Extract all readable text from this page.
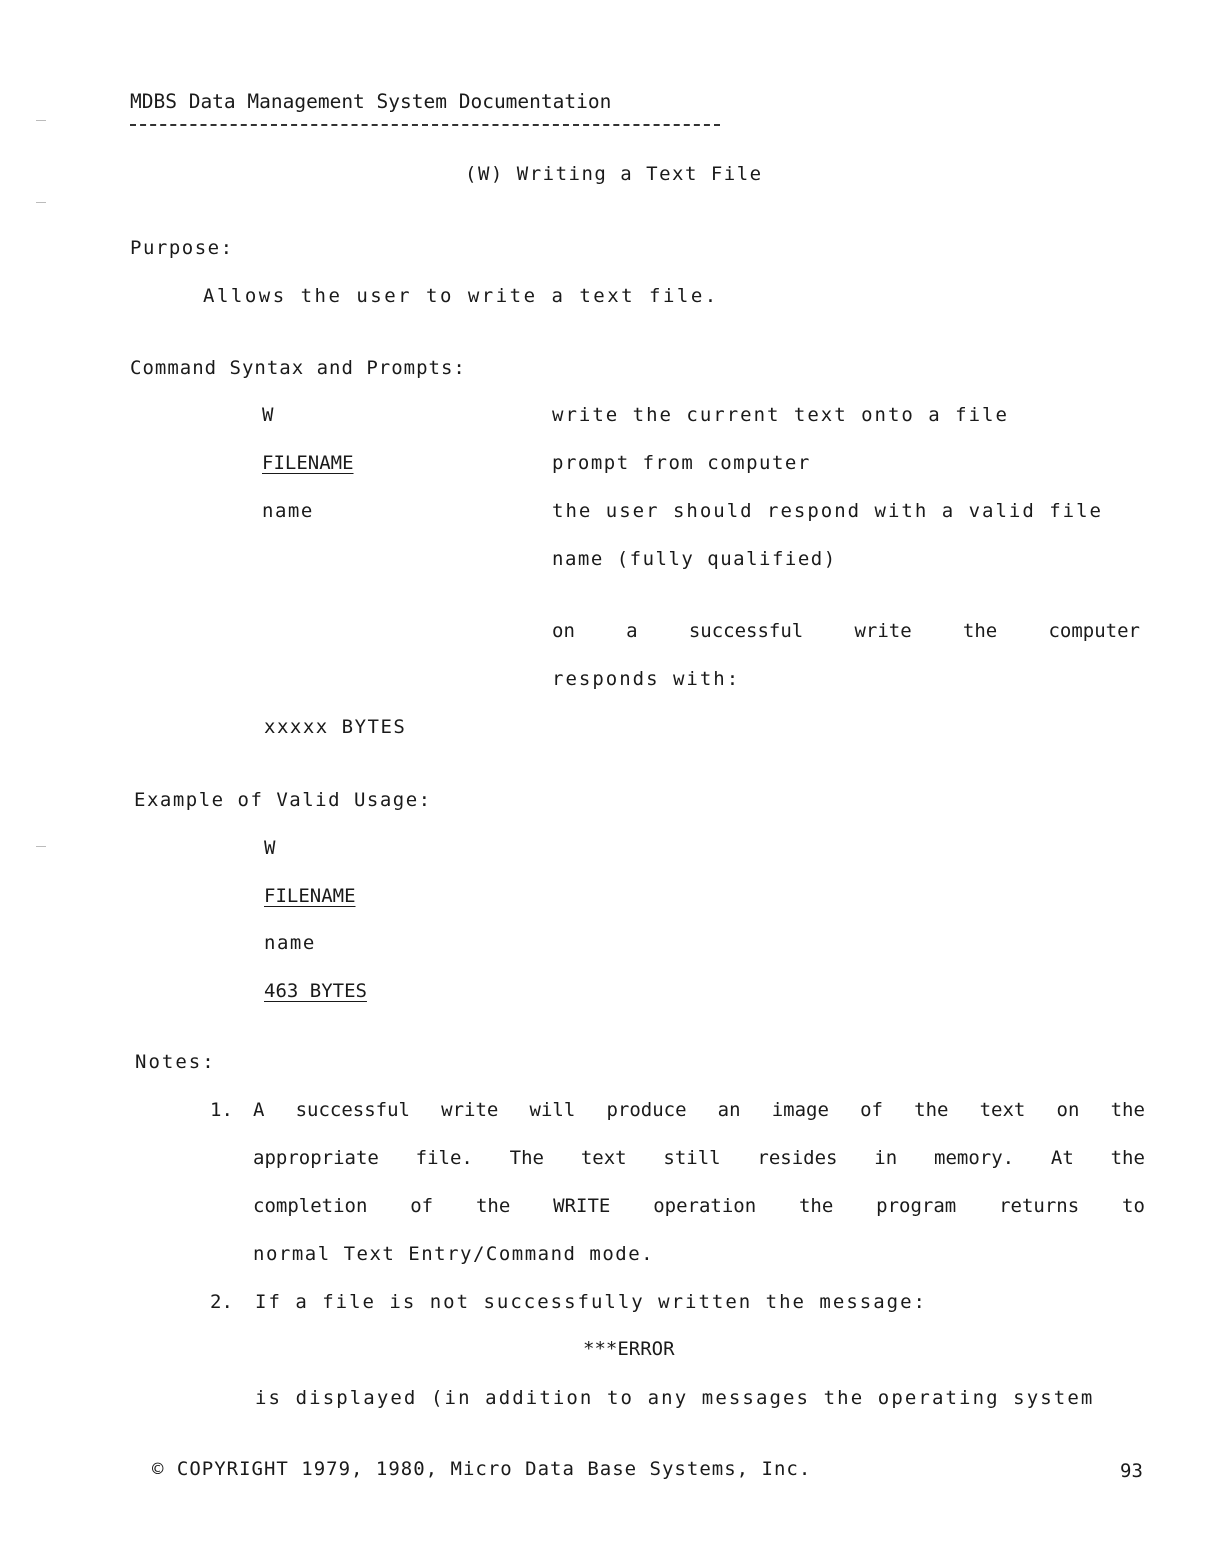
MDBS Data Management System Documentation
(W) Writing a Text File
Purpose:
Allows the user to write a text file.
Command Syntax and Prompts:
W	write the current text onto a file
FILENAME	prompt from computer
name	the user should respond with a valid file
name (fully qualified)
on	a	successful	write	the	computer
responds with:
xxxxx BYTES
Example of Valid Usage:
W
FILENAME
name
463 BYTES
Notes:
1. A successful write will produce an image of the text on the
appropriate file. The text still resides in memory. At the
completion of the WRITE operation the program returns to
normal Text Entry/Command mode.
2. If a file is not successfully written the message:
***ERROR
is displayed (in addition to any messages the operating system
© COPYRIGHT 1979, 1980, Micro Data Base Systems, Inc.	93
